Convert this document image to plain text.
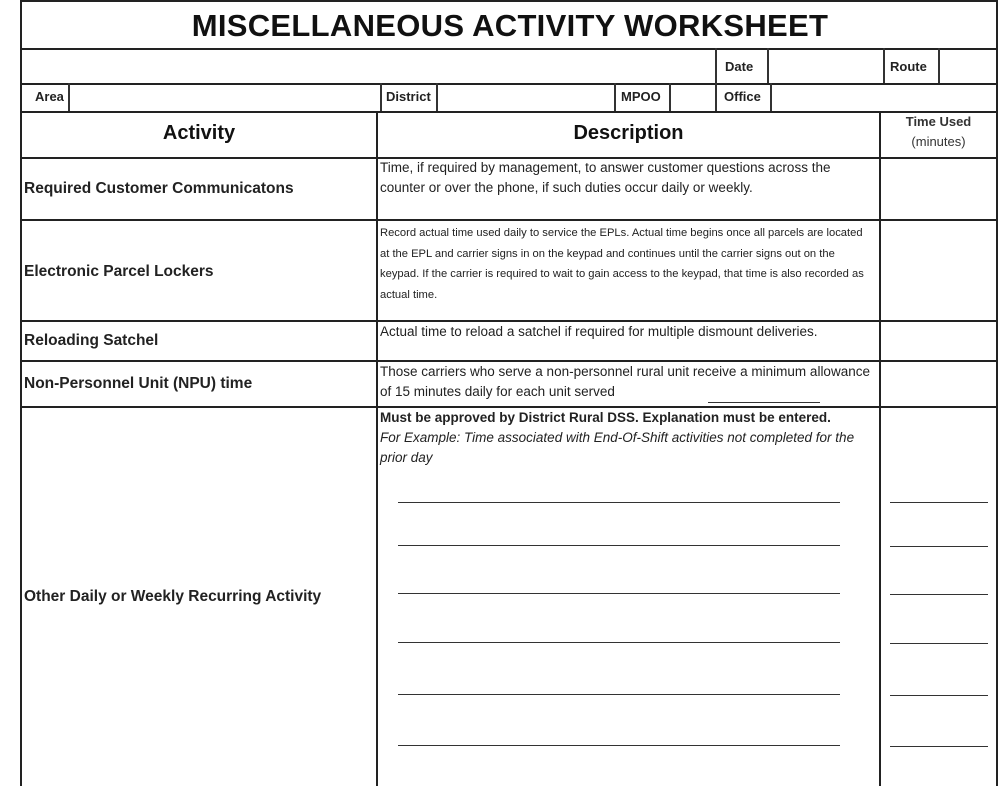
MISCELLANEOUS ACTIVITY WORKSHEET
Date	Route
Area	District	MPOO	Office
Activity	Description
Time Used
(minutes)
Required Customer Communicatons
Time, if required by management, to answer customer questions across the counter or over the phone, if such duties occur daily or weekly.
Electronic Parcel Lockers
Record actual time used daily to service the EPLs. Actual time begins once all parcels are located at the EPL and carrier signs in on the keypad and continues until the carrier signs out on the keypad. If the carrier is required to wait to gain access to the keypad, that time is also recorded as actual time.
Reloading Satchel
Actual time to reload a satchel if required for multiple dismount deliveries.
Non-Personnel Unit (NPU) time
Those carriers who serve a non-personnel rural unit receive a minimum allowance of 15 minutes daily for each unit served
Other Daily or Weekly Recurring Activity
Must be approved by District Rural DSS. Explanation must be entered.
For Example: Time associated with End-Of-Shift activities not completed for the prior day
